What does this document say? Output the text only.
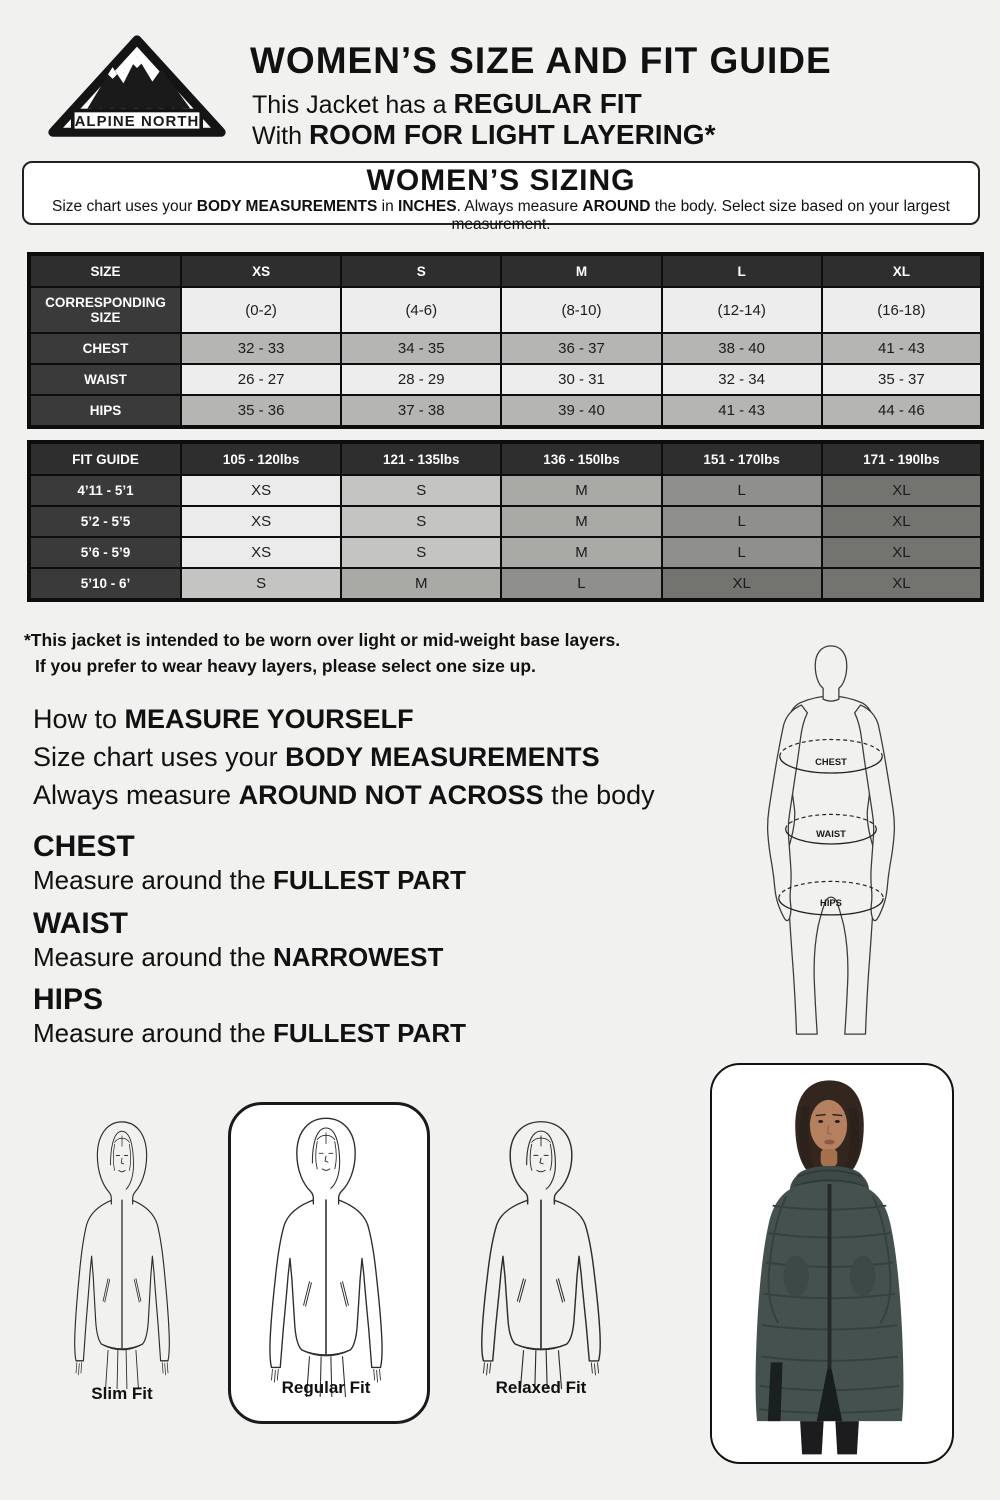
ALPINE NORTH
WOMEN’S SIZE AND FIT GUIDE
This Jacket has a REGULAR FIT
With ROOM FOR LIGHT LAYERING*
WOMEN’S SIZING
Size chart uses your BODY MEASUREMENTS in INCHES. Always measure AROUND the body. Select size based on your largest measurement.
SIZE	XS	S	M	L	XL
CORRESPONDING SIZE	(0-2)	(4-6)	(8-10)	(12-14)	(16-18)
CHEST	32 - 33	34 - 35	36 - 37	38 - 40	41 - 43
WAIST	26 - 27	28 - 29	30 - 31	32 - 34	35 - 37
HIPS	35 - 36	37 - 38	39 - 40	41 - 43	44 - 46
FIT GUIDE	105 - 120lbs	121 - 135lbs	136 - 150lbs	151 - 170lbs	171 - 190lbs
4’11 - 5’1	XS	S	M	L	XL
5’2 - 5’5	XS	S	M	L	XL
5’6 - 5’9	XS	S	M	L	XL
5’10 - 6’	S	M	L	XL	XL
*This jacket is intended to be worn over light or mid-weight base layers.
If you prefer to wear heavy layers, please select one size up.
How to MEASURE YOURSELF
Size chart uses your BODY MEASUREMENTS
Always measure AROUND NOT ACROSS the body
CHEST
Measure around the FULLEST PART
WAIST
Measure around the NARROWEST
HIPS
Measure around the FULLEST PART
CHEST
WAIST
HIPS
Slim Fit	Regular Fit	Relaxed Fit
